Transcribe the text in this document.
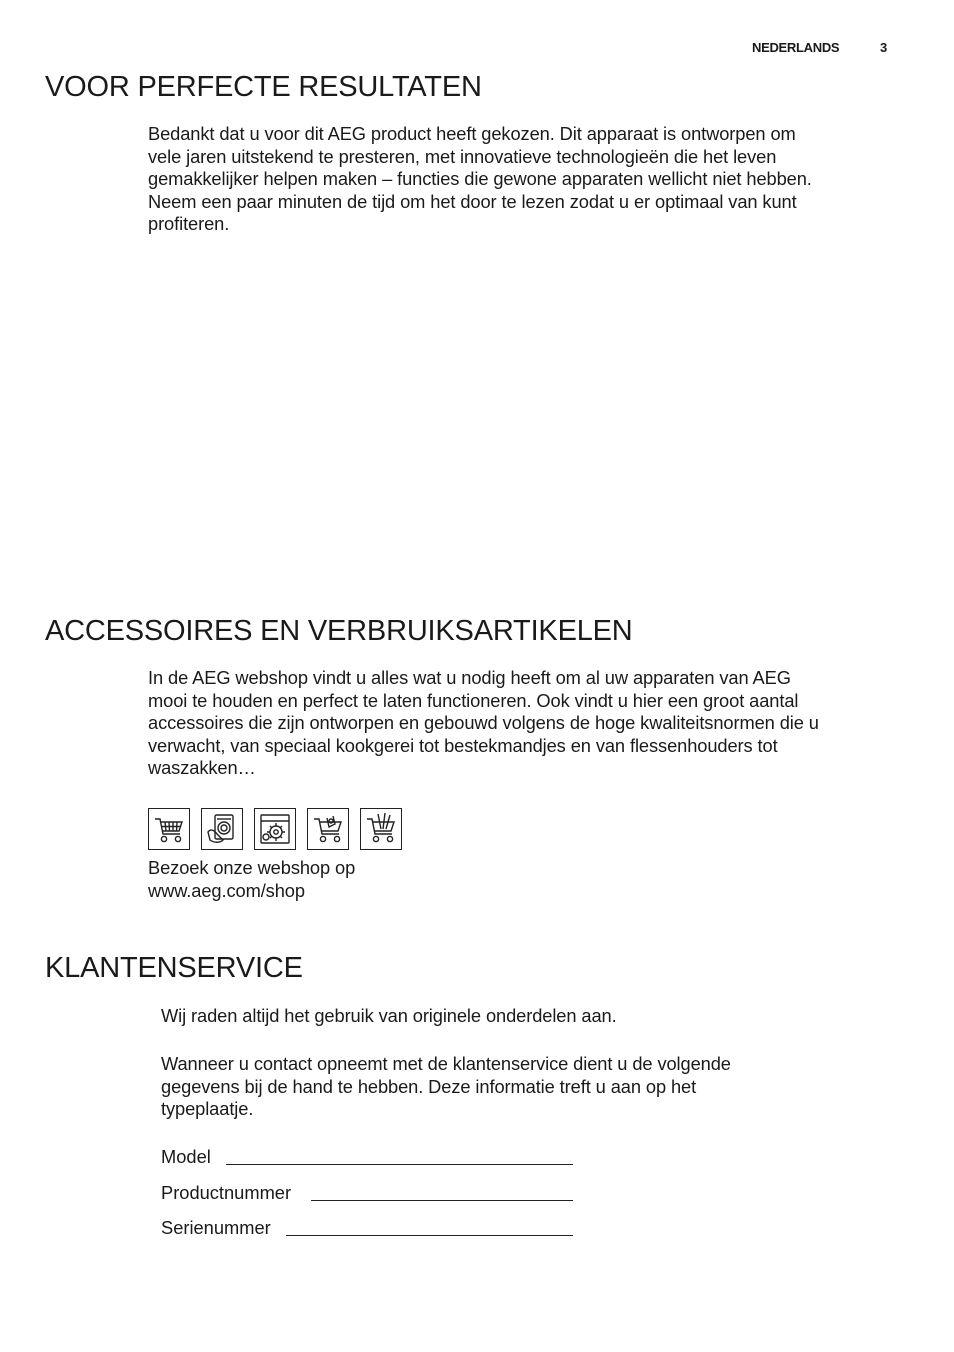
NEDERLANDS	3
VOOR PERFECTE RESULTATEN
Bedankt dat u voor dit AEG product heeft gekozen. Dit apparaat is ontworpen om
vele jaren uitstekend te presteren, met innovatieve technologieën die het leven
gemakkelijker helpen maken – functies die gewone apparaten wellicht niet hebben.
Neem een paar minuten de tijd om het door te lezen zodat u er optimaal van kunt
profiteren.
ACCESSOIRES EN VERBRUIKSARTIKELEN
In de AEG webshop vindt u alles wat u nodig heeft om al uw apparaten van AEG
mooi te houden en perfect te laten functioneren. Ook vindt u hier een groot aantal
accessoires die zijn ontworpen en gebouwd volgens de hoge kwaliteitsnormen die u
verwacht, van speciaal kookgerei tot bestekmandjes en van flessenhouders tot
waszakken…
Bezoek onze webshop op
www.aeg.com/shop
KLANTENSERVICE
Wij raden altijd het gebruik van originele onderdelen aan.
Wanneer u contact opneemt met de klantenservice dient u de volgende
gegevens bij de hand te hebben. Deze informatie treft u aan op het
typeplaatje.
Model
Productnummer
Serienummer
